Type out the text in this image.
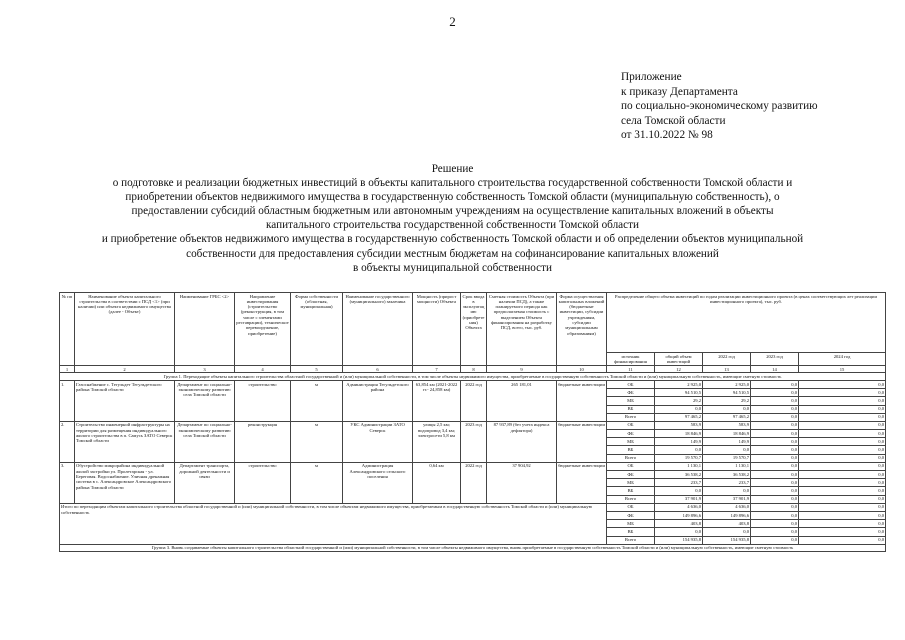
2
Приложение
к приказу Департамента
по социально-экономическому развитию
села Томской области
от 31.10.2022 № 98
Решение
о подготовке и реализации бюджетных инвестиций в объекты капитального строительства государственной собственности Томской области и
приобретении объектов недвижимого имущества в государственную собственность Томской области (муниципальную собственность), о
предоставлении субсидий областным бюджетным или автономным учреждениям на осуществление капитальных вложений в объекты
капитального строительства государственной собственности Томской области
и приобретение объектов недвижимого имущества в государственную собственность Томской области и об определении объектов муниципальной
собственности для предоставления субсидии местным бюджетам на софинансирование капитальных вложений
в объекты муниципальной собственности
№ пп	Наименование объекта капитального строительства в соответствии с ПСД <1> (при наличии) или объекта недвижимого имущества (далее - Объект)	Наименование ГРБС <2>	Направление инвестирования (строительство (реконструкция, в том числе с элементами реставрации), техническое перевооружение, приобретение)	Форма собственности (областная, муниципальная)	Наименование государственного (муниципального) заказчика	Мощность (прирост мощности) Объекта	Срок ввода в эксплуатацию (приобретения) Объекта	Сметная стоимость Объекта (при наличии ПСД), а также планируемого периода как предполагаемая стоимость с выделением Объекта финансирования на разработку ПСД, всего, тыс. руб.	Форма осуществления капитальных вложений (бюджетные инвестиции, субсидии учреждениям, субсидии муниципальным образованиям)	Распределение общего объема инвестиций по годам реализации инвестиционного проекта (в ценах соответствующих лет реализации инвестиционного проекта), тыс. руб.				
										источник финансирования	общий объем инвестиций	2022 год	2023 год	2024 год
1	2	3	4	5	6	7	8	9	10	11	12	13	14	15
Группа 1. Переходящие объекты капитального строительства областной государственной и (или) муниципальной собственности, в том числе объекты недвижимого имущества, приобретаемые в государственную собственность Томской области и (или) муниципальную собственность, имеющие сметную стоимость														
1.	Газоснабжение с. Тегульдет Тегульдетского района Томской области	Департамент по социально-экономическому развитию села Томской области	строительство	м	Администрация Тегульдетского района	63,854 км (2021-2022 гг.- 24,858 км)	2022 год	265 181,01	бюджетные инвестиции	ОБ	2 925,0	2 925,0	0,0	0,0
										ФБ	94 510,5	94 510,5	0,0	0,0
										МБ	29,2	29,2	0,0	0,0
										ВБ	0,0	0,0	0,0	0,0
										Всего	97 465,2	97 465,2	0,0	0,0
2.	Строительство инженерной инфраструктуры на территории для размещения индивидуального жилого строительства в п. Самусь ЗАТО Северск Томской области	Департамент по социально-экономическому развитию села Томской области	реконструкция	м	УКС Администрации ЗАТО Северск	улицы 2,5 км; водопровод 3,4 км; электросети 5,8 км	2023 год	87 937,89 (без учета индекса дефлятора)	бюджетные инвестиции	ОБ	583,9	583,9	0,0	0,0
										ФБ	18 846,9	18 846,9	0,0	0,0
										МБ	149,9	149,9	0,0	0,0
										ВБ	0,0	0,0	0,0	0,0
										Всего	19 570,7	19 570,7	0,0	0,0
3.	Обустройство микрорайона индивидуальной жилой застройки ул. Пролетарская - ул. Береговая. Водоснабжение. Уличная дренажная система в с. Александровское Александровского района Томской области	Департамент транспорта, дорожной деятельности и связи	строительство	м	Администрация Александровского сельского поселения	0,64 км	2022 год	37 904,92	бюджетные инвестиции	ОБ	1 130,1	1 130,1	0,0	0,0
										ФБ	36 538,2	36 538,2	0,0	0,0
										МБ	233,7	233,7	0,0	0,0
										ВБ	0,0	0,0	0,0	0,0
										Всего	37 901,9	37 901,9	0,0	0,0
Итого по переходящим объектам капитального строительства областной государственной и (или) муниципальной собственности, в том числе объектам недвижимого имущества, приобретаемым в государственную собственность Томской области и (или) муниципальную собственность										ОБ	4 636,0	4 636,0	0,0	0,0
										ФБ	149 896,6	149 896,6	0,0	0,0
										МБ	403,8	403,8	0,0	0,0
										ВБ	0,0	0,0	0,0	0,0
										Всего	154 935,8	154 935,8	0,0	0,0
Группа 3. Вновь создаваемые объекты капитального строительства областной государственной и (или) муниципальной собственности, в том числе объекты недвижимого имущества, вновь приобретаемые в государственную собственность Томской области и (или) муниципальную собственность, имеющие сметную стоимость														
